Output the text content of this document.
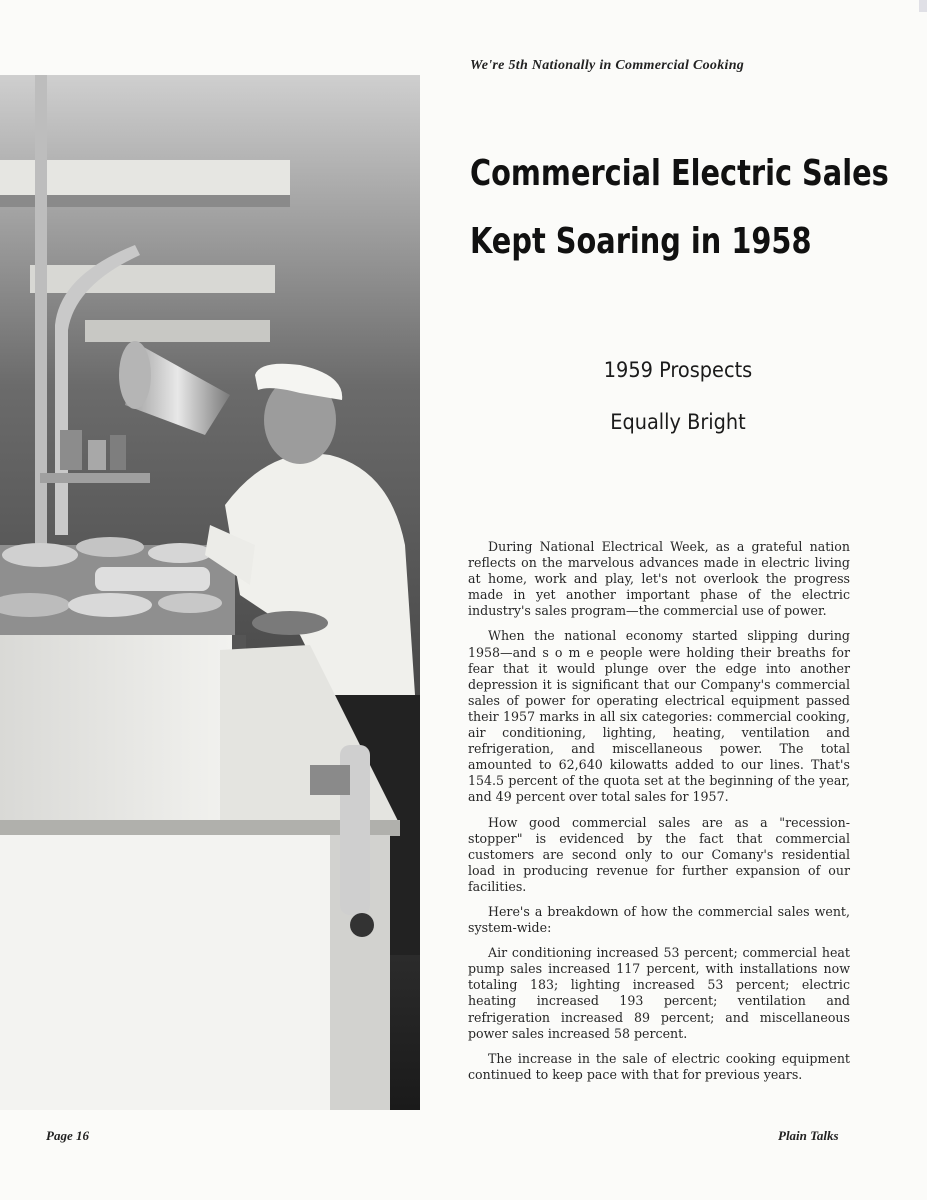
We're 5th Nationally in Commercial Cooking
Commercial Electric Sales
Kept Soaring in 1958
1959 Prospects
Equally Bright

During National Electrical Week, as a grateful nation reflects on the marvelous advances made in electric living at home, work and play, let's not overlook the progress made in yet another important phase of the electric industry's sales program—the commercial use of power.

When the national economy started slipping during 1958—and s o m e people were holding their breaths for fear that it would plunge over the edge into another depression it is significant that our Company's commercial sales of power for operating electrical equipment passed their 1957 marks in all six categories: commercial cooking, air conditioning, lighting, heating, ventilation and refrigeration, and miscellaneous power. The total amounted to 62,640 kilowatts added to our lines. That's 154.5 percent of the quota set at the beginning of the year, and 49 percent over total sales for 1957.

How good commercial sales are as a "recession-stopper" is evidenced by the fact that commercial customers are second only to our Comany's residential load in producing revenue for further expansion of our facilities.

Here's a breakdown of how the commercial sales went, system-wide:

Air conditioning increased 53 percent; commercial heat pump sales increased 117 percent, with installations now totaling 183; lighting increased 53 percent; electric heating increased 193 percent; ventilation and refrigeration increased 89 percent; and miscellaneous power sales increased 58 percent.

The increase in the sale of electric cooking equipment continued to keep pace with that for previous years.

Page 16	Plain Talks
